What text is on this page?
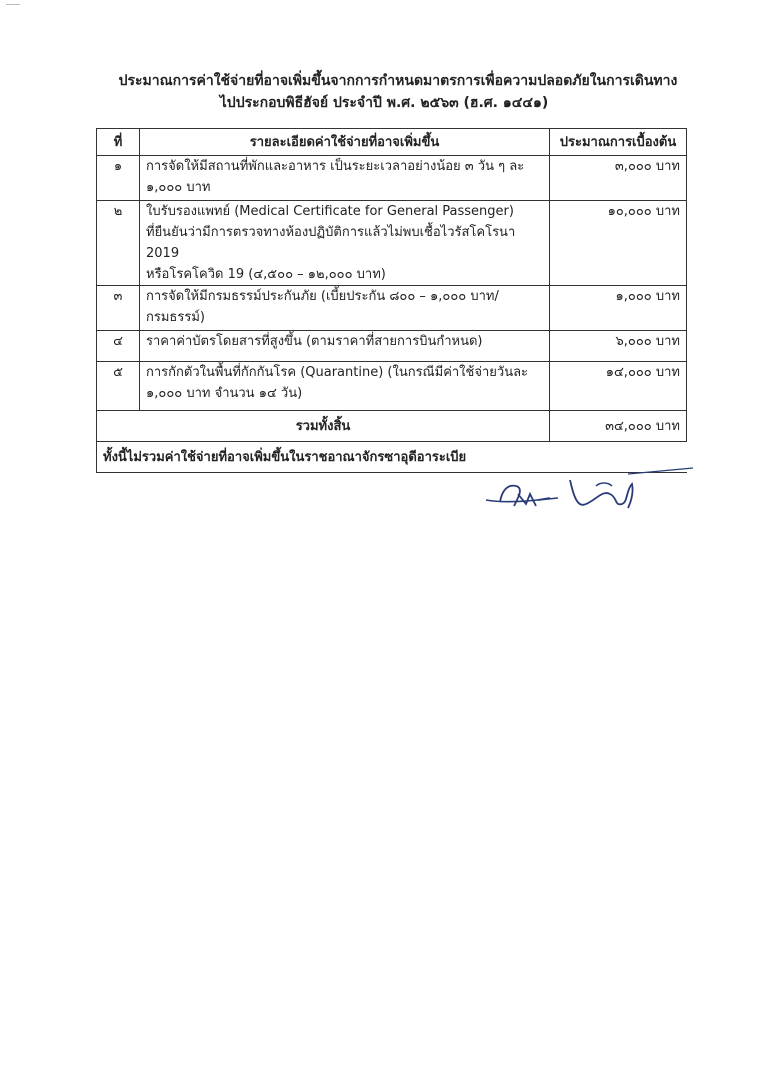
ประมาณการค่าใช้จ่ายที่อาจเพิ่มขึ้นจากการกำหนดมาตรการเพื่อความปลอดภัยในการเดินทาง
ไปประกอบพิธีฮัจย์ ประจำปี พ.ศ. ๒๕๖๓ (ฮ.ศ. ๑๔๔๑)
ที่	รายละเอียดค่าใช้จ่ายที่อาจเพิ่มขึ้น	ประมาณการเบื้องต้น
๑	การจัดให้มีสถานที่พักและอาหาร เป็นระยะเวลาอย่างน้อย ๓ วัน ๆ ละ
๑,๐๐๐ บาท	๓,๐๐๐ บาท
๒	ใบรับรองแพทย์ (Medical Certificate for General Passenger)
ที่ยืนยันว่ามีการตรวจทางห้องปฏิบัติการแล้วไม่พบเชื้อไวรัสโคโรนา 2019
หรือโรคโควิด 19 (๔,๕๐๐ – ๑๒,๐๐๐ บาท)	๑๐,๐๐๐ บาท
๓	การจัดให้มีกรมธรรม์ประกันภัย (เบี้ยประกัน ๘๐๐ – ๑,๐๐๐ บาท/
กรมธรรม์)	๑,๐๐๐ บาท
๔	ราคาค่าบัตรโดยสารที่สูงขึ้น (ตามราคาที่สายการบินกำหนด)	๖,๐๐๐ บาท
๕	การกักตัวในพื้นที่กักกันโรค (Quarantine) (ในกรณีมีค่าใช้จ่ายวันละ
๑,๐๐๐ บาท จำนวน ๑๔ วัน)	๑๔,๐๐๐ บาท
รวมทั้งสิ้น		๓๔,๐๐๐ บาท
ทั้งนี้ไม่รวมค่าใช้จ่ายที่อาจเพิ่มขึ้นในราชอาณาจักรซาอุดีอาระเบีย		
